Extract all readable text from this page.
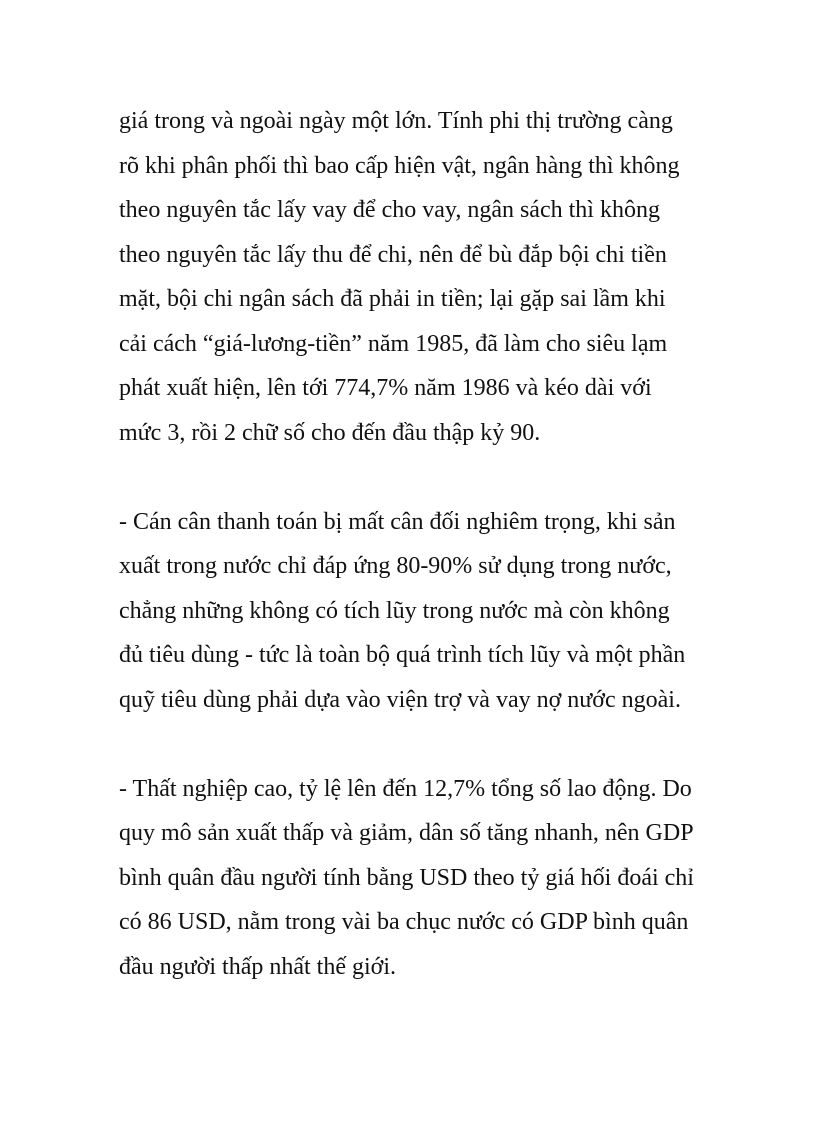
giá trong và ngoài ngày một lớn. Tính phi thị trường càng
rõ khi phân phối thì bao cấp hiện vật, ngân hàng thì không
theo nguyên tắc lấy vay để cho vay, ngân sách thì không
theo nguyên tắc lấy thu để chi, nên để bù đắp bội chi tiền
mặt, bội chi ngân sách đã phải in tiền; lại gặp sai lầm khi
cải cách “giá-lương-tiền” năm 1985, đã làm cho siêu lạm
phát xuất hiện, lên tới 774,7% năm 1986 và kéo dài với
mức 3, rồi 2 chữ số cho đến đầu thập kỷ 90.
- Cán cân thanh toán bị mất cân đối nghiêm trọng, khi sản
xuất trong nước chỉ đáp ứng 80-90% sử dụng trong nước,
chẳng những không có tích lũy trong nước mà còn không
đủ tiêu dùng - tức là toàn bộ quá trình tích lũy và một phần
quỹ tiêu dùng phải dựa vào viện trợ và vay nợ nước ngoài.
- Thất nghiệp cao, tỷ lệ lên đến 12,7% tổng số lao động. Do
quy mô sản xuất thấp và giảm, dân số tăng nhanh, nên GDP
bình quân đầu người tính bằng USD theo tỷ giá hối đoái chỉ
có 86 USD, nằm trong vài ba chục nước có GDP bình quân
đầu người thấp nhất thế giới.
